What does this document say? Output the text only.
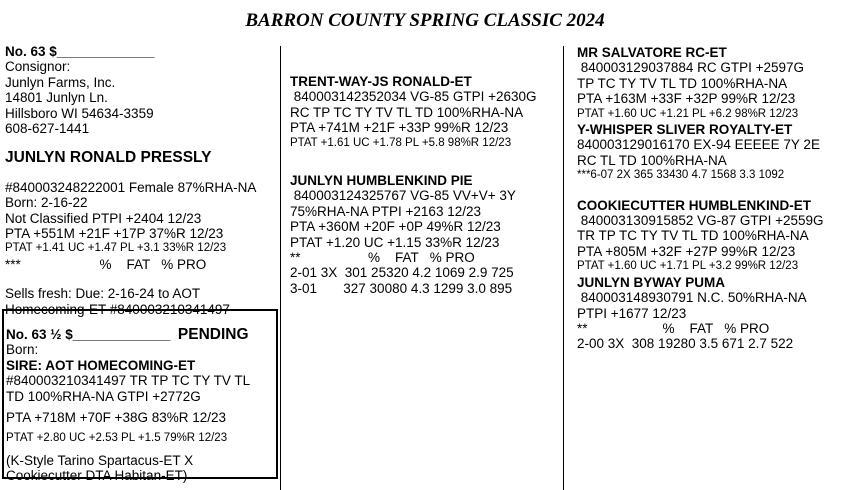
BARRON COUNTY SPRING CLASSIC 2024
No. 63 $_____________
Consignor:
Junlyn Farms, Inc.
14801 Junlyn Ln.
Hillsboro WI 54634-3359
608-627-1441
JUNLYN RONALD PRESSLY
#840003248222001 Female 87%RHA-NA
Born: 2-16-22
Not Classified PTPI +2404 12/23
PTA +551M +21F +17P 37%R 12/23
PTAT +1.41 UC +1.47 PL +3.1 33%R 12/23
***                     %    FAT   % PRO
Sells fresh: Due: 2-16-24 to AOT
Homecoming-ET #840003210341497
No. 63 ½ $_____________ PENDING
Born:
SIRE: AOT HOMECOMING-ET
#840003210341497 TR TP TC TY TV TL
TD 100%RHA-NA GTPI +2772G
PTA +718M +70F +38G 83%R 12/23
PTAT +2.80 UC +2.53 PL +1.5 79%R 12/23
(K-Style Tarino Spartacus-ET X
Cookiecutter DTA Habitan-ET)
TRENT-WAY-JS RONALD-ET
840003142352034 VG-85 GTPI +2630G
RC TP TC TY TV TL TD 100%RHA-NA
PTA +741M +21F +33P 99%R 12/23
PTAT +1.61 UC +1.78 PL +5.8 98%R 12/23
JUNLYN HUMBLENKIND PIE
840003124325767 VG-85 VV+V+ 3Y
75%RHA-NA PTPI +2163 12/23
PTA +360M +20F +0P 49%R 12/23
PTAT +1.20 UC +1.15 33%R 12/23
**                  %    FAT   % PRO
2-01 3X  301 25320 4.2 1069 2.9 725
3-01       327 30080 4.3 1299 3.0 895
MR SALVATORE RC-ET
840003129037884 RC GTPI +2597G
TP TC TY TV TL TD 100%RHA-NA
PTA +163M +33F +32P 99%R 12/23
PTAT +1.60 UC +1.21 PL +6.2 98%R 12/23
Y-WHISPER SLIVER ROYALTY-ET
840003129016170 EX-94 EEEEE 7Y 2E
RC TL TD 100%RHA-NA
***6-07 2X 365 33430 4.7 1568 3.3 1092
COOKIECUTTER HUMBLENKIND-ET
840003130915852 VG-87 GTPI +2559G
TR TP TC TY TV TL TD 100%RHA-NA
PTA +805M +32F +27P 99%R 12/23
PTAT +1.60 UC +1.71 PL +3.2 99%R 12/23
JUNLYN BYWAY PUMA
840003148930791 N.C. 50%RHA-NA
PTPI +1677 12/23
**                    %    FAT   % PRO
2-00 3X  308 19280 3.5 671 2.7 522
